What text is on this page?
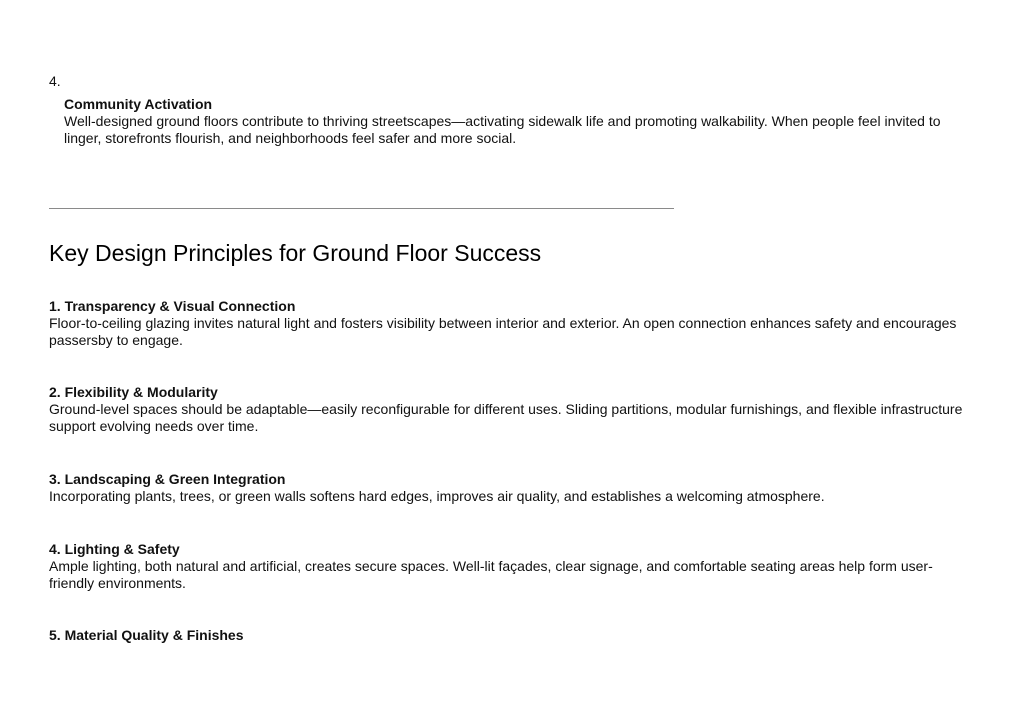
4.
Community Activation
Well-designed ground floors contribute to thriving streetscapes—activating sidewalk life and promoting walkability. When people feel invited to linger, storefronts flourish, and neighborhoods feel safer and more social.
Key Design Principles for Ground Floor Success
1. Transparency & Visual Connection
Floor-to-ceiling glazing invites natural light and fosters visibility between interior and exterior. An open connection enhances safety and encourages passersby to engage.
2. Flexibility & Modularity
Ground-level spaces should be adaptable—easily reconfigurable for different uses. Sliding partitions, modular furnishings, and flexible infrastructure support evolving needs over time.
3. Landscaping & Green Integration
Incorporating plants, trees, or green walls softens hard edges, improves air quality, and establishes a welcoming atmosphere.
4. Lighting & Safety
Ample lighting, both natural and artificial, creates secure spaces. Well-lit façades, clear signage, and comfortable seating areas help form user-friendly environments.
5. Material Quality & Finishes
